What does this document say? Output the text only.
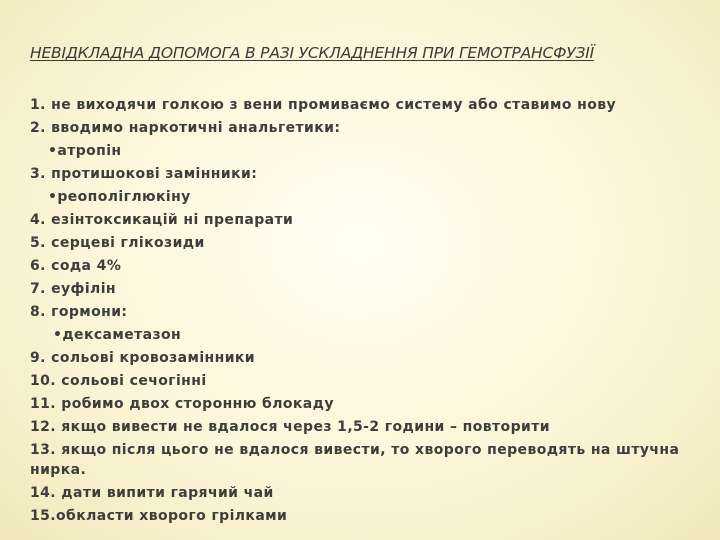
НЕВІДКЛАДНА ДОПОМОГА В РАЗІ УСКЛАДНЕННЯ ПРИ ГЕМОТРАНСФУЗІЇ
1. не виходячи голкою з вени промиваємо систему або ставимо нову
2. вводимо наркотичні анальгетики:
•атропін
3. протишокові замінники:
•реополіглюкіну
4. езінтоксикацій ні препарати
5. серцеві глікозиди
6. сода 4%
7. еуфілін
8. гормони:
•дексаметазон
9. сольові кровозамінники
10. сольові сечогінні
11. робимо двох сторонню блокаду
12. якщо вивести не вдалося через 1,5-2 години – повторити
13. якщо після цього не вдалося вивести, то хворого переводять на штучна нирка.
14. дати випити гарячий чай
15.обкласти хворого грілками
